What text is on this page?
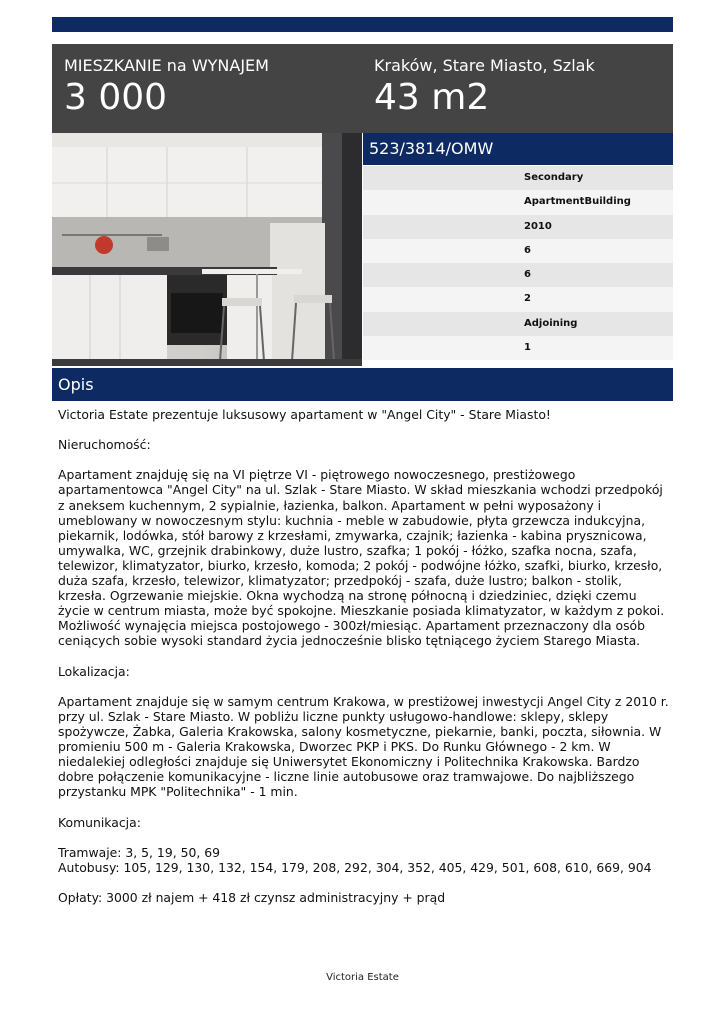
MIESZKANIE na WYNAJEM
3 000
Kraków, Stare Miasto, Szlak
43 m2
523/3814/OMW
Secondary
ApartmentBuilding
2010
6
6
2
Adjoining
1
Opis

Victoria Estate prezentuje luksusowy apartament w "Angel City" - Stare Miasto!

Nieruchomość:

Apartament znajduję się na VI piętrze VI - piętrowego nowoczesnego, prestiżowego apartamentowca "Angel City" na ul. Szlak - Stare Miasto. W skład mieszkania wchodzi przedpokój z aneksem kuchennym, 2 sypialnie, łazienka, balkon. Apartament w pełni wyposażony i umeblowany w nowoczesnym stylu: kuchnia - meble w zabudowie, płyta grzewcza indukcyjna, piekarnik, lodówka, stół barowy z krzesłami, zmywarka, czajnik; łazienka - kabina prysznicowa, umywalka, WC, grzejnik drabinkowy, duże lustro, szafka; 1 pokój - łóżko, szafka nocna, szafa, telewizor, klimatyzator, biurko, krzesło, komoda; 2 pokój - podwójne łóżko, szafki, biurko, krzesło, duża szafa, krzesło, telewizor, klimatyzator; przedpokój - szafa, duże lustro; balkon - stolik, krzesła. Ogrzewanie miejskie. Okna wychodzą na stronę północną i dziedziniec, dzięki czemu życie w centrum miasta, może być spokojne. Mieszkanie posiada klimatyzator, w każdym z pokoi. Możliwość wynajęcia miejsca postojowego - 300zł/miesiąc. Apartament przeznaczony dla osób ceniących sobie wysoki standard życia jednocześnie blisko tętniącego życiem Starego Miasta.

Lokalizacja:

Apartament znajduje się w samym centrum Krakowa, w prestiżowej inwestycji Angel City z 2010 r. przy ul. Szlak - Stare Miasto. W pobliżu liczne punkty usługowo-handlowe: sklepy, sklepy spożywcze, Żabka, Galeria Krakowska, salony kosmetyczne, piekarnie, banki, poczta, siłownia. W promieniu 500 m - Galeria Krakowska, Dworzec PKP i PKS. Do Runku Głównego - 2 km. W niedalekiej odległości znajduje się Uniwersytet Ekonomiczny i Politechnika Krakowska. Bardzo dobre połączenie komunikacyjne - liczne linie autobusowe oraz tramwajowe. Do najbliższego przystanku MPK "Politechnika" - 1 min.

Komunikacja:

Tramwaje: 3, 5, 19, 50, 69

Autobusy: 105, 129, 130, 132, 154, 179, 208, 292, 304, 352, 405, 429, 501, 608, 610, 669, 904

Opłaty: 3000 zł najem + 418 zł czynsz administracyjny + prąd

Victoria Estate
